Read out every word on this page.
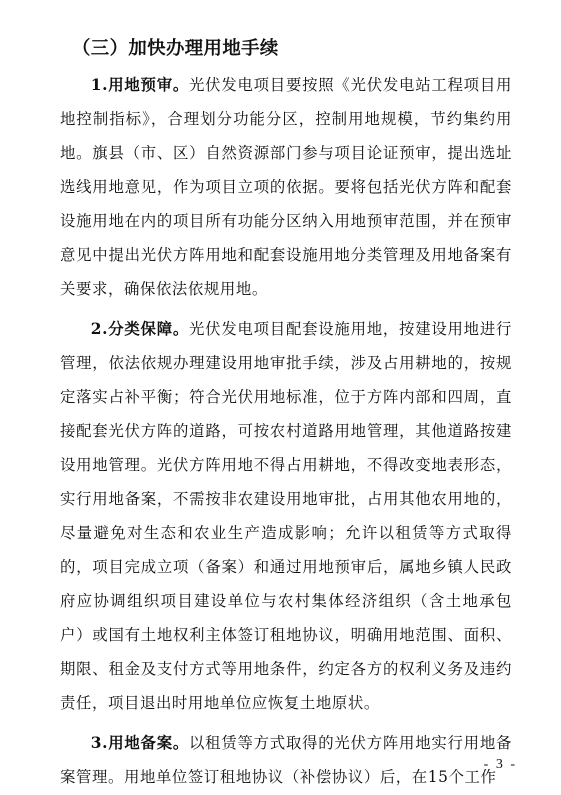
（三）加快办理用地手续

1.用地预审。光伏发电项目要按照《光伏发电站工程项目用地控制指标》，合理划分功能分区，控制用地规模，节约集约用地。旗县（市、区）自然资源部门参与项目论证预审，提出选址选线用地意见，作为项目立项的依据。要将包括光伏方阵和配套设施用地在内的项目所有功能分区纳入用地预审范围，并在预审意见中提出光伏方阵用地和配套设施用地分类管理及用地备案有关要求，确保依法依规用地。

2.分类保障。光伏发电项目配套设施用地，按建设用地进行管理，依法依规办理建设用地审批手续，涉及占用耕地的，按规定落实占补平衡；符合光伏用地标准，位于方阵内部和四周，直接配套光伏方阵的道路，可按农村道路用地管理，其他道路按建设用地管理。光伏方阵用地不得占用耕地，不得改变地表形态，实行用地备案，不需按非农建设用地审批，占用其他农用地的，尽量避免对生态和农业生产造成影响；允许以租赁等方式取得的，项目完成立项（备案）和通过用地预审后，属地乡镇人民政府应协调组织项目建设单位与农村集体经济组织（含土地承包户）或国有土地权利主体签订租地协议，明确用地范围、面积、期限、租金及支付方式等用地条件，约定各方的权利义务及违约责任，项目退出时用地单位应恢复土地原状。

3.用地备案。以租赁等方式取得的光伏方阵用地实行用地备案管理。用地单位签订租地协议（补偿协议）后，在15个工作

- 3 -
